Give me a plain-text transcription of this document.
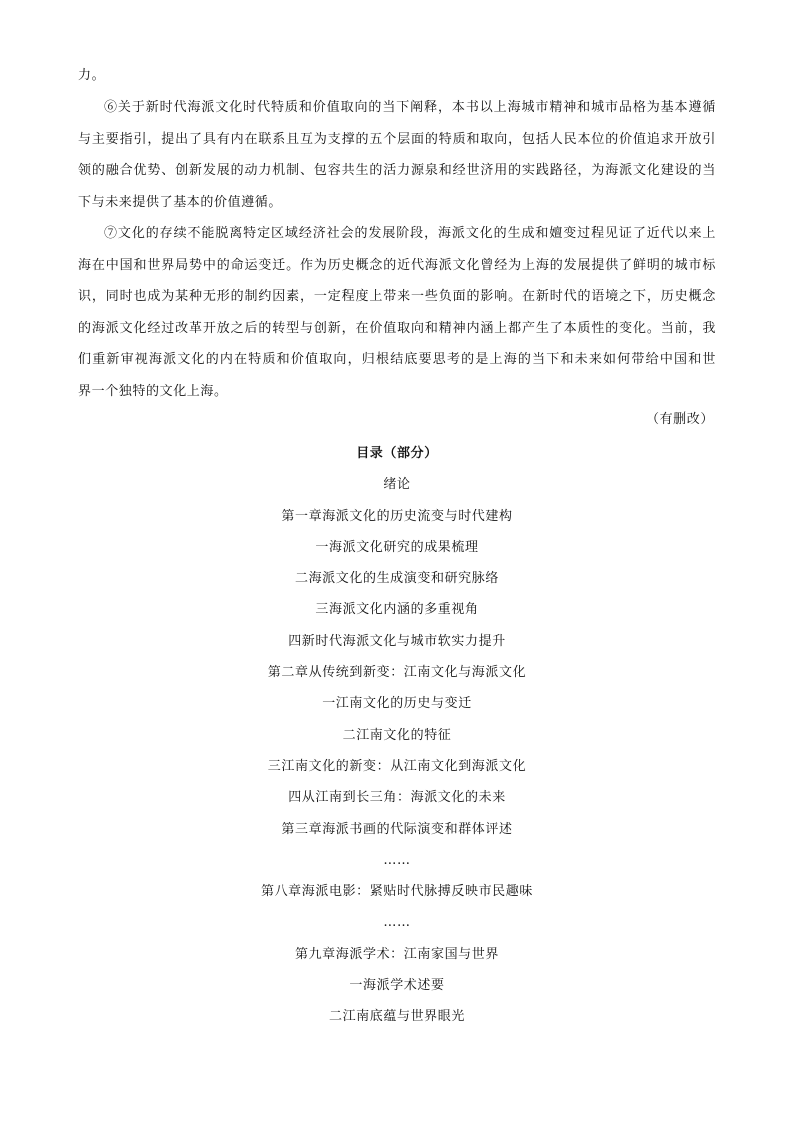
力。
⑥关于新时代海派文化时代特质和价值取向的当下阐释，本书以上海城市精神和城市品格为基本遵循
与主要指引，提出了具有内在联系且互为支撑的五个层面的特质和取向，包括人民本位的价值追求开放引
领的融合优势、创新发展的动力机制、包容共生的活力源泉和经世济用的实践路径，为海派文化建设的当
下与未来提供了基本的价值遵循。
⑦文化的存续不能脱离特定区域经济社会的发展阶段，海派文化的生成和嬗变过程见证了近代以来上
海在中国和世界局势中的命运变迁。作为历史概念的近代海派文化曾经为上海的发展提供了鲜明的城市标
识，同时也成为某种无形的制约因素，一定程度上带来一些负面的影响。在新时代的语境之下，历史概念
的海派文化经过改革开放之后的转型与创新，在价值取向和精神内涵上都产生了本质性的变化。当前，我
们重新审视海派文化的内在特质和价值取向，归根结底要思考的是上海的当下和未来如何带给中国和世
界一个独特的文化上海。
（有删改）
目录（部分）
绪论
第一章海派文化的历史流变与时代建构
一海派文化研究的成果梳理
二海派文化的生成演变和研究脉络
三海派文化内涵的多重视角
四新时代海派文化与城市软实力提升
第二章从传统到新变：江南文化与海派文化
一江南文化的历史与变迁
二江南文化的特征
三江南文化的新变：从江南文化到海派文化
四从江南到长三角：海派文化的未来
第三章海派书画的代际演变和群体评述
……
第八章海派电影：紧贴时代脉搏反映市民趣味
……
第九章海派学术：江南家国与世界
一海派学术述要
二江南底蕴与世界眼光
